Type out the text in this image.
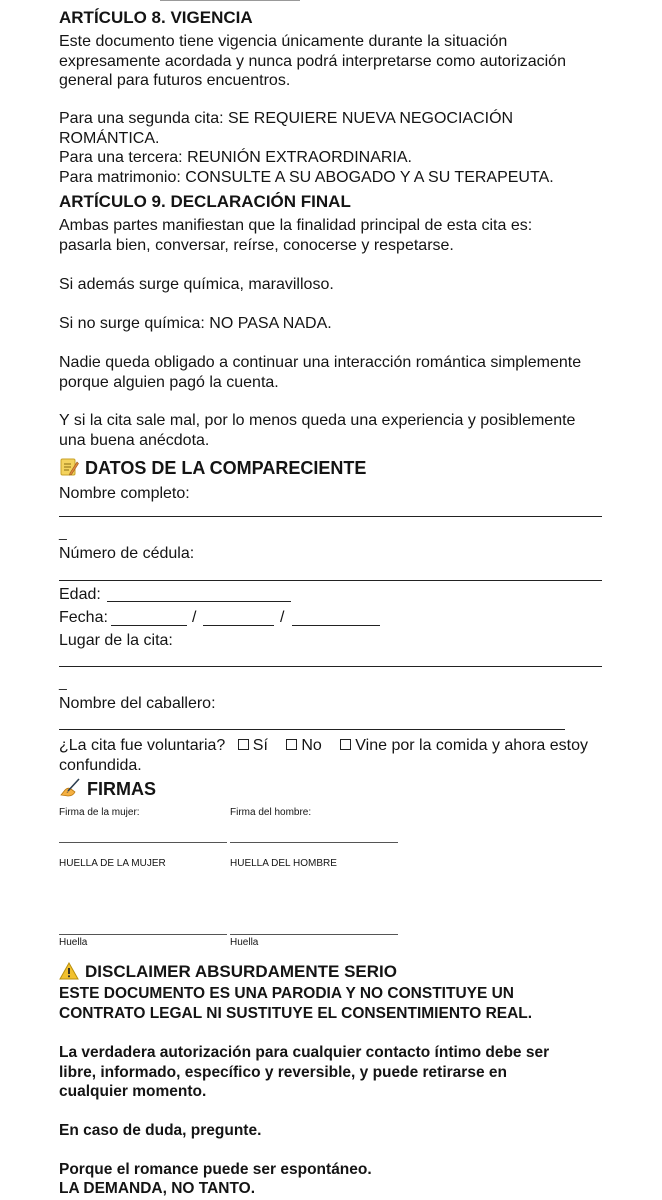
ARTÍCULO 8. VIGENCIA
Este documento tiene vigencia únicamente durante la situación
expresamente acordada y nunca podrá interpretarse como autorización
general para futuros encuentros.
Para una segunda cita: SE REQUIERE NUEVA NEGOCIACIÓN
ROMÁNTICA.
Para una tercera: REUNIÓN EXTRAORDINARIA.
Para matrimonio: CONSULTE A SU ABOGADO Y A SU TERAPEUTA.
ARTÍCULO 9. DECLARACIÓN FINAL
Ambas partes manifiestan que la finalidad principal de esta cita es:
pasarla bien, conversar, reírse, conocerse y respetarse.
Si además surge química, maravilloso.
Si no surge química: NO PASA NADA.
Nadie queda obligado a continuar una interacción romántica simplemente
porque alguien pagó la cuenta.
Y si la cita sale mal, por lo menos queda una experiencia y posiblemente
una buena anécdota.
DATOS DE LA COMPARECIENTE
Nombre completo:
_
Número de cédula:
Edad:
Fecha:	/	/
Lugar de la cita:
_
Nombre del caballero:
¿La cita fue voluntaria? Sí No Vine por la comida y ahora estoy
confundida.
FIRMAS
Firma de la mujer:	Firma del hombre:
HUELLA DE LA MUJER	HUELLA DEL HOMBRE
Huella	Huella
DISCLAIMER ABSURDAMENTE SERIO
ESTE DOCUMENTO ES UNA PARODIA Y NO CONSTITUYE UN
CONTRATO LEGAL NI SUSTITUYE EL CONSENTIMIENTO REAL.
La verdadera autorización para cualquier contacto íntimo debe ser
libre, informado, específico y reversible, y puede retirarse en
cualquier momento.
En caso de duda, pregunte.
Porque el romance puede ser espontáneo.
LA DEMANDA, NO TANTO.
